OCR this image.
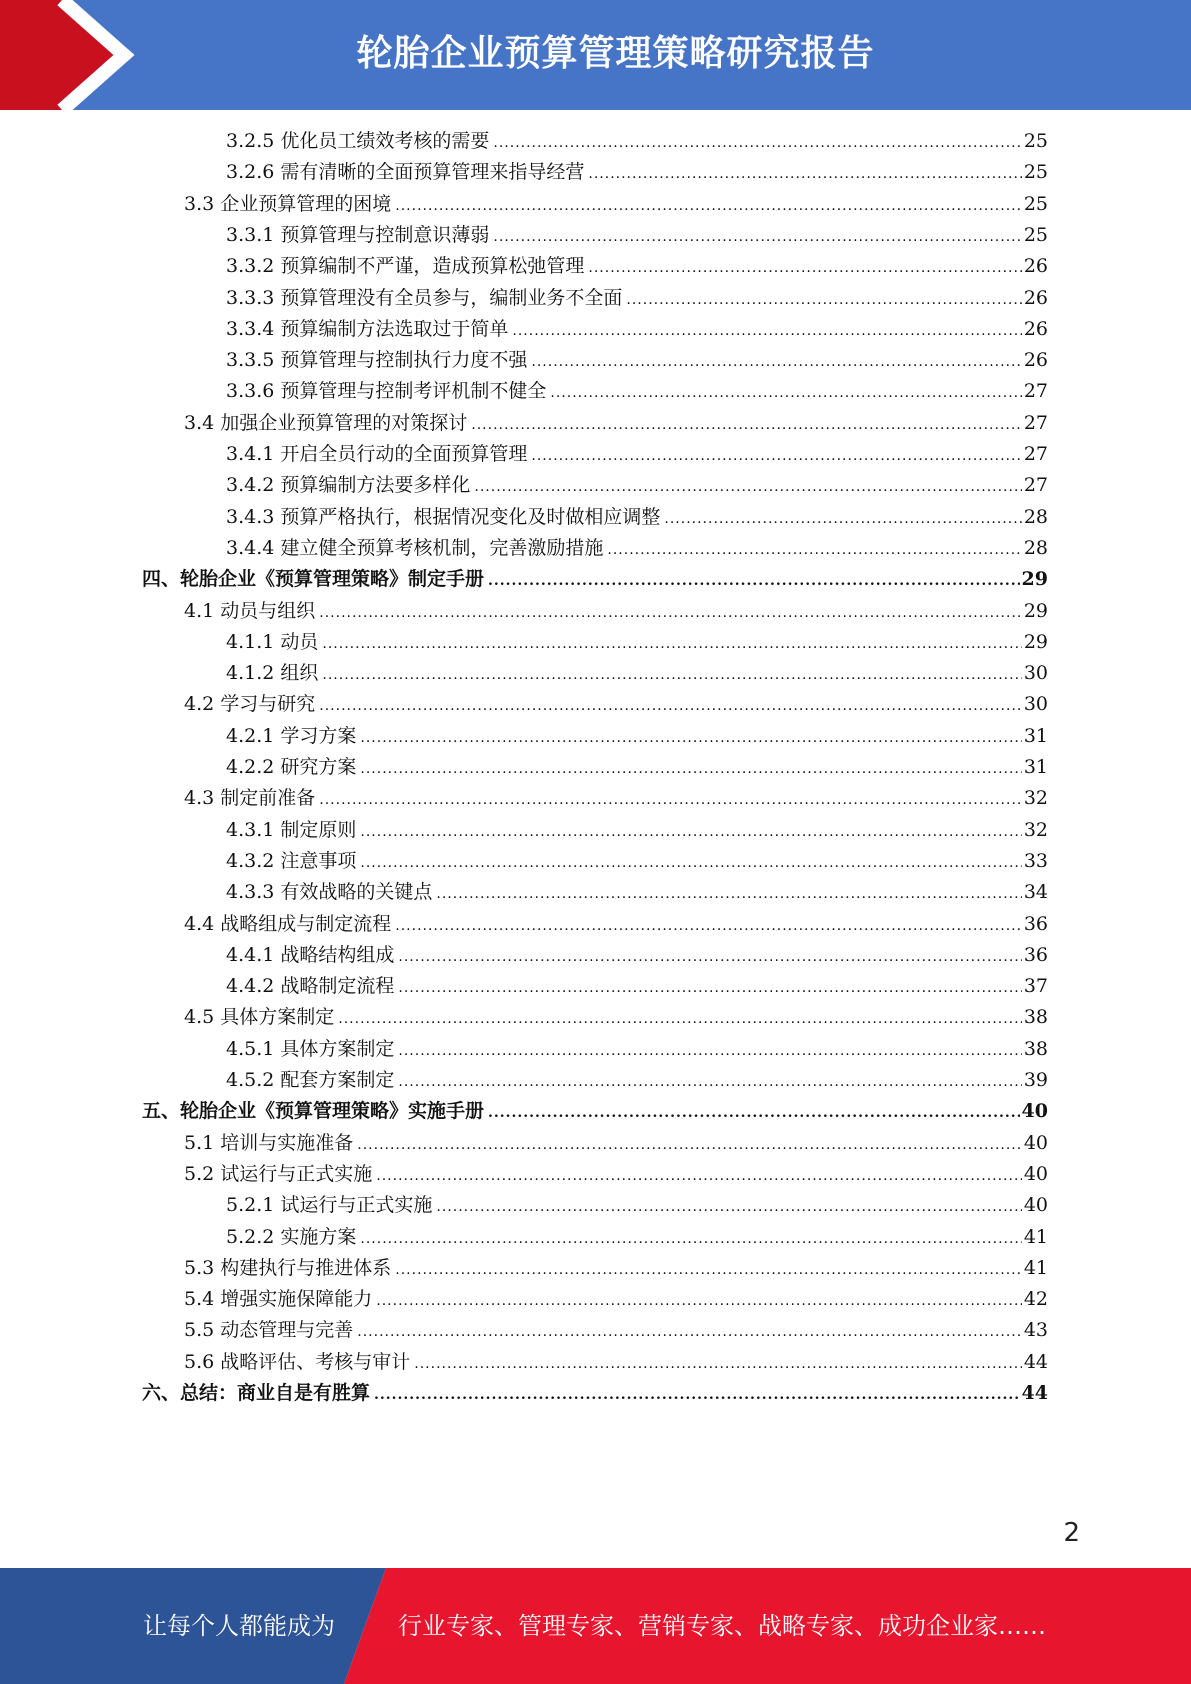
轮胎企业预算管理策略研究报告
3.2.5 优化员工绩效考核的需要 .....	25
3.2.6 需有清晰的全面预算管理来指导经营 .....	25
3.3 企业预算管理的困境 .....	25
3.3.1 预算管理与控制意识薄弱 .....	25
3.3.2 预算编制不严谨，造成预算松弛管理 .....	26
3.3.3 预算管理没有全员参与，编制业务不全面 .....	26
3.3.4 预算编制方法选取过于简单 .....	26
3.3.5 预算管理与控制执行力度不强 .....	26
3.3.6 预算管理与控制考评机制不健全 .....	27
3.4 加强企业预算管理的对策探讨 .....	27
3.4.1 开启全员行动的全面预算管理 .....	27
3.4.2 预算编制方法要多样化 .....	27
3.4.3 预算严格执行，根据情况变化及时做相应调整 .....	28
3.4.4 建立健全预算考核机制，完善激励措施 .....	28
四、轮胎企业《预算管理策略》制定手册 .....	29
4.1 动员与组织 .....	29
4.1.1 动员 .....	29
4.1.2 组织 .....	30
4.2 学习与研究 .....	30
4.2.1 学习方案 .....	31
4.2.2 研究方案 .....	31
4.3 制定前准备 .....	32
4.3.1 制定原则 .....	32
4.3.2 注意事项 .....	33
4.3.3 有效战略的关键点 .....	34
4.4 战略组成与制定流程 .....	36
4.4.1 战略结构组成 .....	36
4.4.2 战略制定流程 .....	37
4.5 具体方案制定 .....	38
4.5.1 具体方案制定 .....	38
4.5.2 配套方案制定 .....	39
五、轮胎企业《预算管理策略》实施手册 .....	40
5.1 培训与实施准备 .....	40
5.2 试运行与正式实施 .....	40
5.2.1 试运行与正式实施 .....	40
5.2.2 实施方案 .....	41
5.3 构建执行与推进体系 .....	41
5.4 增强实施保障能力 .....	42
5.5 动态管理与完善 .....	43
5.6 战略评估、考核与审计 .....	44
六、总结：商业自是有胜算 .....	44
2
让每个人都能成为	行业专家、管理专家、营销专家、战略专家、成功企业家……
